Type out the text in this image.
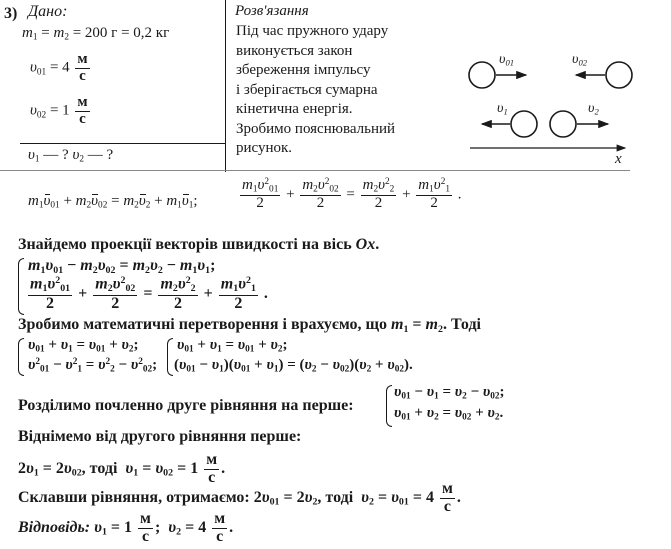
3) Дано:
$m_1 = m_2 = 200$ г = 0,2 кг
$\upsilon_{01} = 4 \frac{м}{с}$
$\upsilon_{02} = 1 \frac{м}{с}$
$\upsilon_1$ — ? $\upsilon_2$ — ?
Розв'язання
Під час пружного удару
виконується закон
збереження імпульсу
і зберігається сумарна
кінетична енергія.
Зробимо пояснювальний
рисунок.
$\upsilon_{01}$	$\upsilon_{02}$
$\upsilon_1$	$\upsilon_2$
x
$m_1\upsilon_{01} + m_2\upsilon_{02} = m_2\upsilon_2 + m_1\upsilon_1$;	$\frac{m_1\upsilon^2_{01}}{2} + \frac{m_2\upsilon^2_{02}}{2} = \frac{m_2\upsilon^2_2}{2} + \frac{m_1\upsilon^2_1}{2}$ .
Знайдемо проекції векторів швидкості на вісь Ox.
$m_1\upsilon_{01} - m_2\upsilon_{02} = m_2\upsilon_2 - m_1\upsilon_1$;
$\frac{m_1\upsilon^2_{01}}{2} + \frac{m_2\upsilon^2_{02}}{2} = \frac{m_2\upsilon^2_2}{2} + \frac{m_1\upsilon^2_1}{2}$ .
Зробимо математичні перетворення і врахуємо, що $m_1 = m_2$. Тоді
$\upsilon_{01} + \upsilon_1 = \upsilon_{01} + \upsilon_2$;
$\upsilon^2_{01} - \upsilon^2_1 = \upsilon^2_2 - \upsilon^2_{02}$;
$\upsilon_{01} + \upsilon_1 = \upsilon_{01} + \upsilon_2$;
$(\upsilon_{01} - \upsilon_1)(\upsilon_{01} + \upsilon_1) = (\upsilon_2 - \upsilon_{02})(\upsilon_2 + \upsilon_{02})$.
Розділимо почленно друге рівняння на перше:
$\upsilon_{01} - \upsilon_1 = \upsilon_2 - \upsilon_{02}$;
$\upsilon_{01} + \upsilon_2 = \upsilon_{02} + \upsilon_2$.
Віднімемо від другого рівняння перше:
$2\upsilon_1 = 2\upsilon_{02}$, тоді  $\upsilon_1 = \upsilon_{02} = 1 \frac{м}{с}$ .
Склавши рівняння, отримаємо: $2\upsilon_{01} = 2\upsilon_2$, тоді  $\upsilon_2 = \upsilon_{01} = 4 \frac{м}{с}$ .
Відповідь: $\upsilon_1 = 1 \frac{м}{с}$ ;  $\upsilon_2 = 4 \frac{м}{с}$ .
